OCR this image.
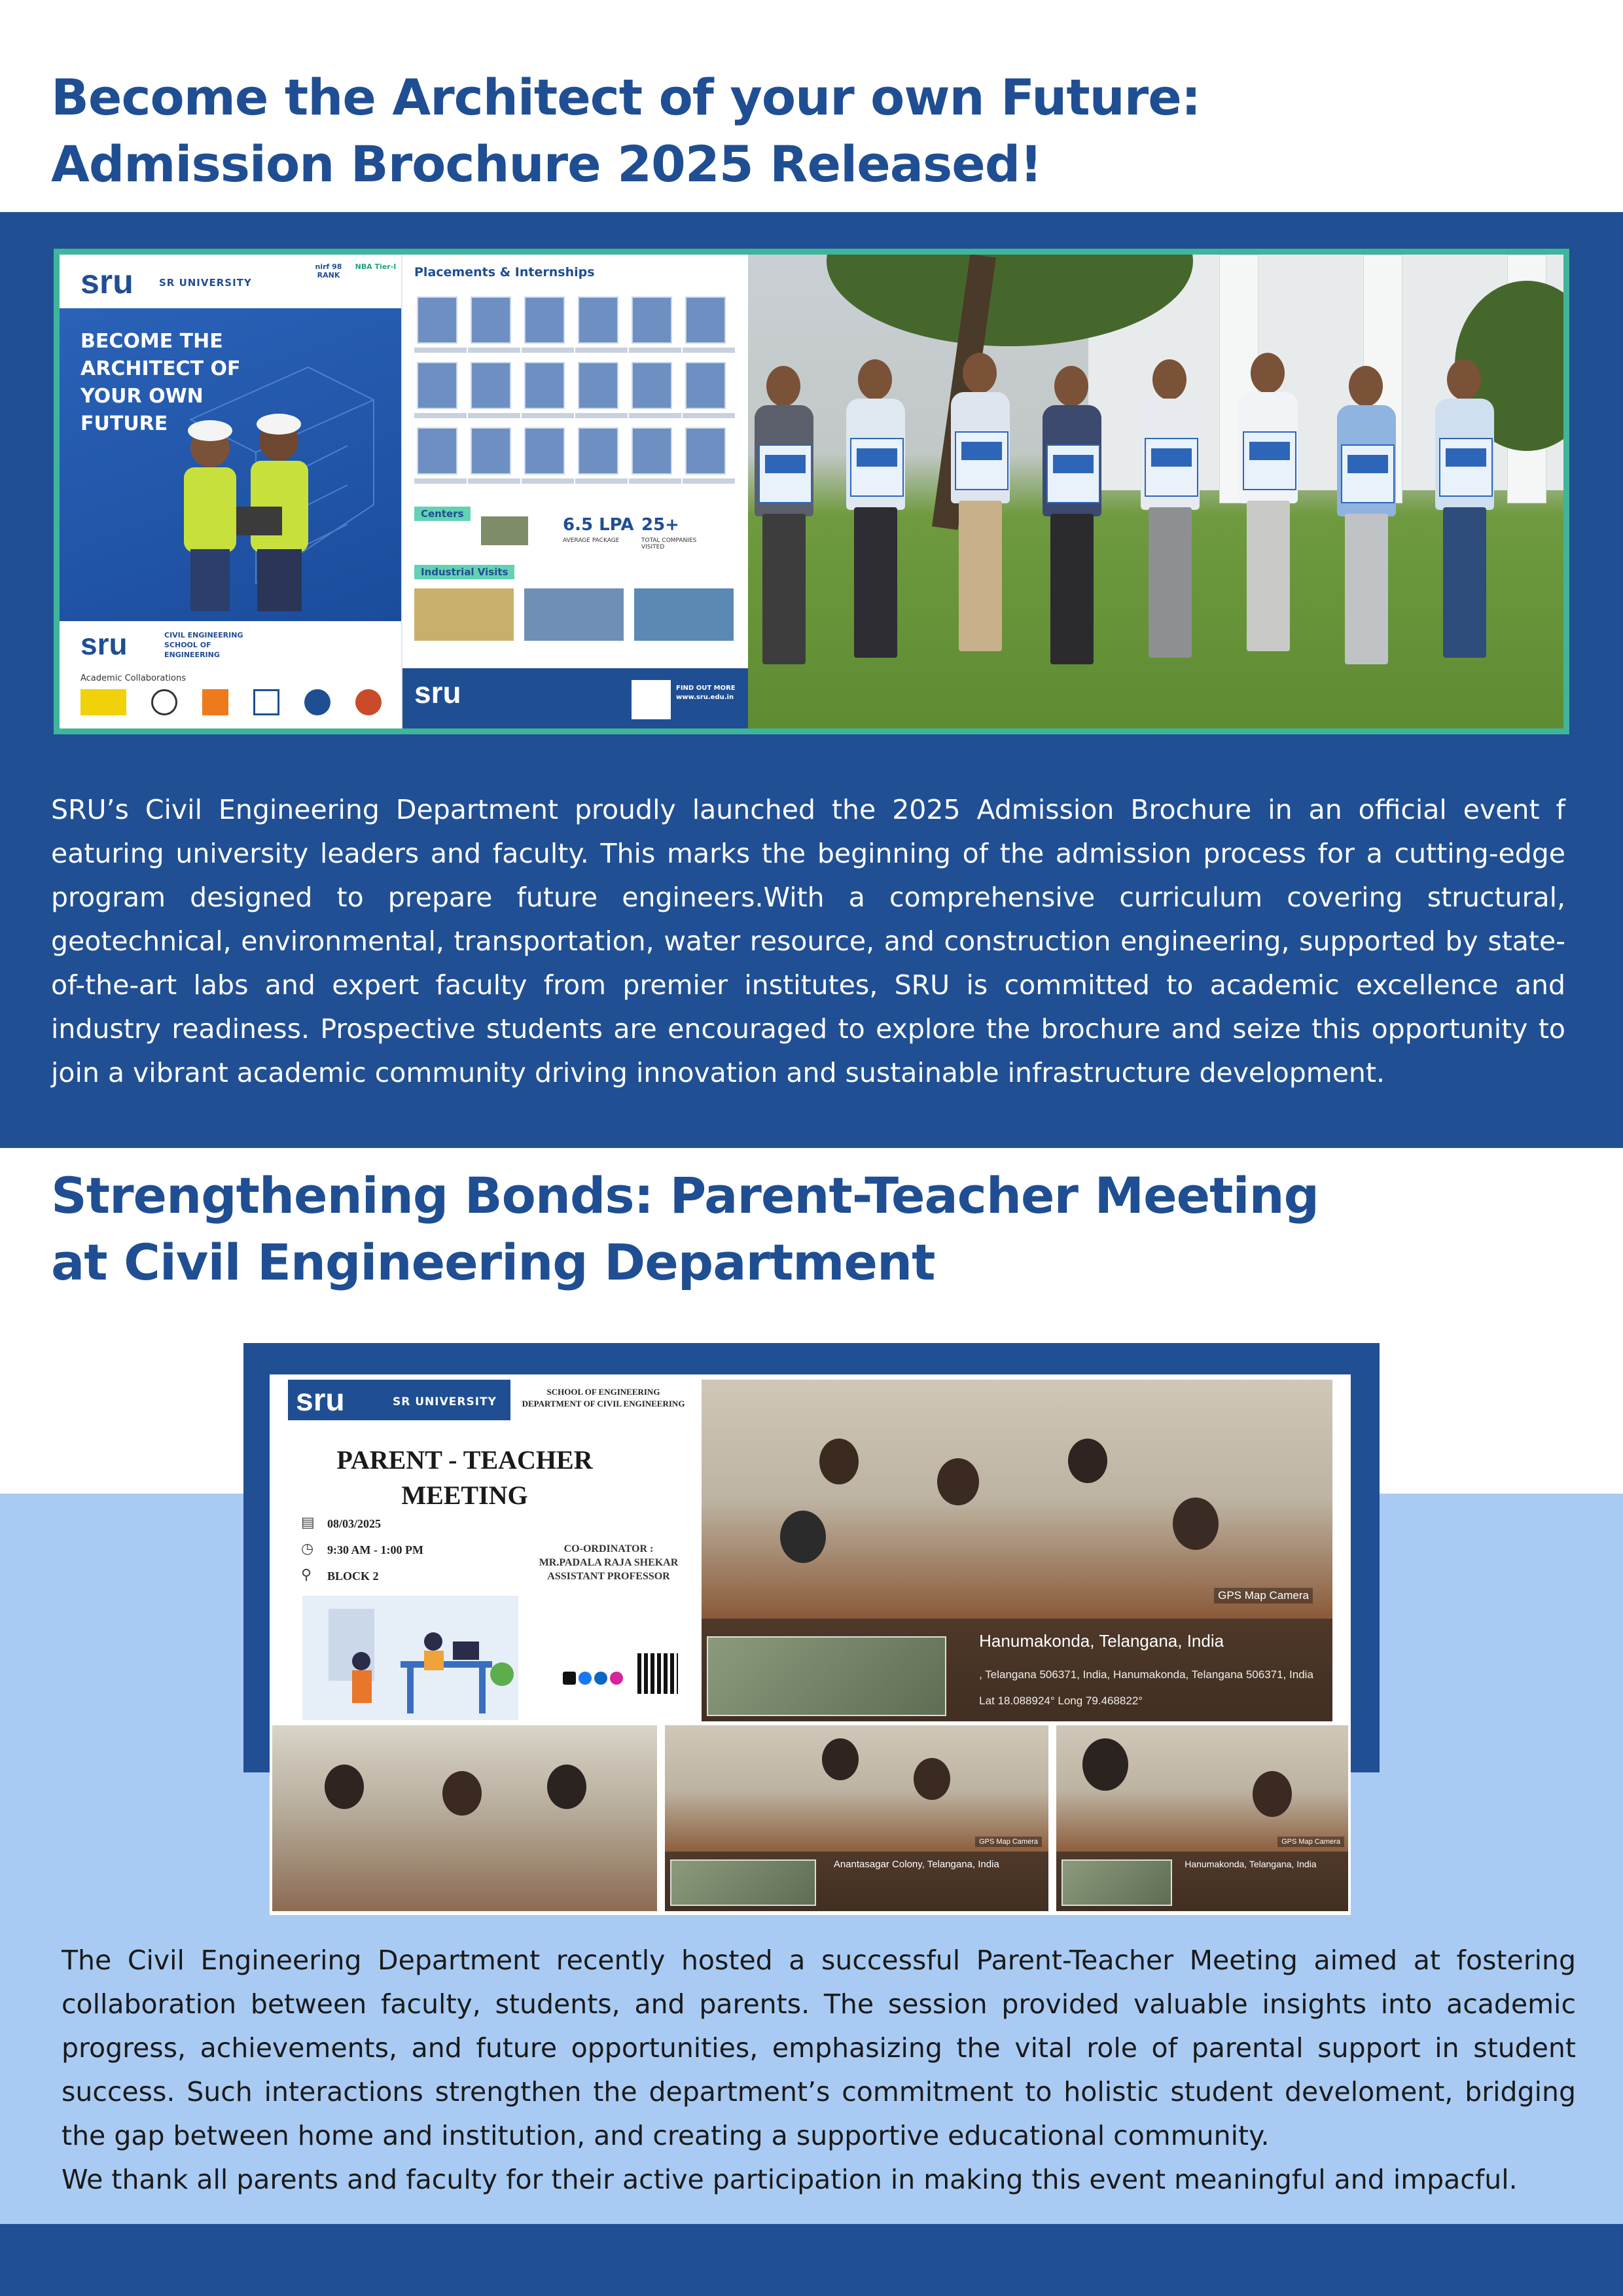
Become the Architect of your own Future:
Admission Brochure 2025 Released!
sru	SR UNIVERSITY
nirf 98 RANK
NBA Tier-I
BECOME THE ARCHITECT OF YOUR OWN FUTURE
sru	CIVIL ENGINEERING SCHOOL OF ENGINEERING
Academic Collaborations
Placements & Internships
Centers
6.5 LPA
AVERAGE PACKAGE
25+
TOTAL COMPANIES VISITED
Industrial Visits
sru	FIND OUT MORE www.sru.edu.in
SRU’s Civil Engineering Department proudly launched the 2025 Admission Brochure in an official event f eaturing university leaders and faculty. This marks the beginning of the admission process for a cutting-edge program designed to prepare future engineers.With a comprehensive curriculum covering structural, geotechnical, environmental, transportation, water resource, and construction engineering, supported by state-of-the-art labs and expert faculty from premier institutes, SRU is committed to academic excellence and industry readiness. Prospective students are encouraged to explore the brochure and seize this opportunity to join a vibrant academic community driving innovation and sustainable infrastructure development.
Strengthening Bonds: Parent-Teacher Meeting
at Civil Engineering Department
sru	SR UNIVERSITY
SCHOOL OF ENGINEERING
DEPARTMENT OF CIVIL ENGINEERING
PARENT - TEACHER
MEETING
▤ 08/03/2025
◷ 9:30 AM - 1:00 PM
⚲ BLOCK 2
CO-ORDINATOR :
MR.PADALA RAJA SHEKAR
ASSISTANT PROFESSOR
GPS Map Camera
Hanumakonda, Telangana, India
, Telangana 506371, India, Hanumakonda, Telangana 506371, India
Lat 18.088924° Long 79.468822°
GPS Map Camera
Anantasagar Colony, Telangana, India
GPS Map Camera
Hanumakonda, Telangana, India
The Civil Engineering Department recently hosted a successful Parent-Teacher Meeting aimed at fostering collaboration between faculty, students, and parents. The session provided valuable insights into academic progress, achievements, and future opportunities, emphasizing the vital role of parental support in student success. Such interactions strengthen the department’s commitment to holistic student develoment, bridging the gap between home and institution, and creating a supportive educational community.
We thank all parents and faculty for their active participation in making this event meaningful and impacful.
